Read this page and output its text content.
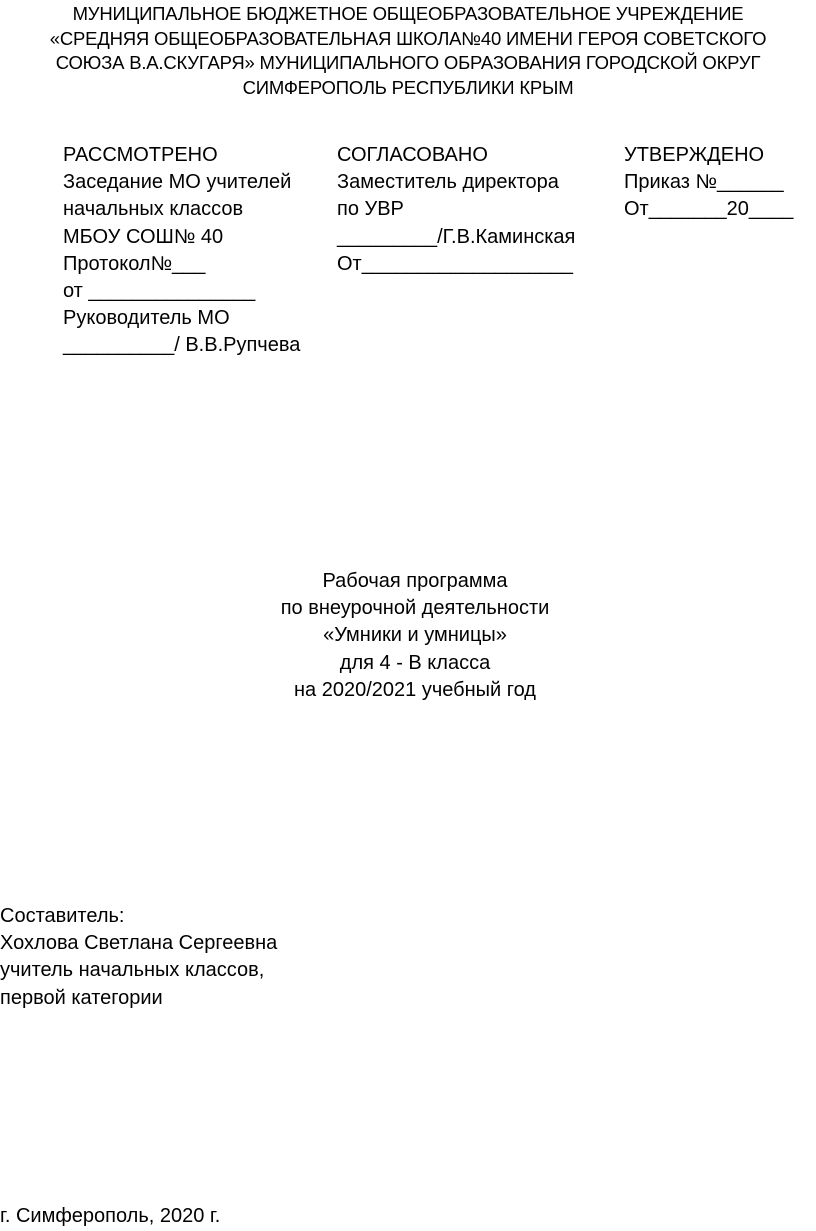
МУНИЦИПАЛЬНОЕ БЮДЖЕТНОЕ ОБЩЕОБРАЗОВАТЕЛЬНОЕ УЧРЕЖДЕНИЕ
«СРЕДНЯЯ ОБЩЕОБРАЗОВАТЕЛЬНАЯ ШКОЛА№40 ИМЕНИ ГЕРОЯ СОВЕТСКОГО
СОЮЗА В.А.СКУГАРЯ» МУНИЦИПАЛЬНОГО ОБРАЗОВАНИЯ ГОРОДСКОЙ ОКРУГ
СИМФЕРОПОЛЬ РЕСПУБЛИКИ КРЫМ
РАССМОТРЕНО
Заседание МО учителей
начальных классов
МБОУ СОШ№ 40
Протокол№___
от _______________
Руководитель МО
__________/ В.В.Рупчева
СОГЛАСОВАНО
Заместитель директора
по УВР
_________/Г.В.Каминская
От___________________
УТВЕРЖДЕНО
Приказ №______
От_______20____
Рабочая программа
по внеурочной деятельности
«Умники и умницы»
для 4 - В класса
на 2020/2021 учебный год
Составитель:
Хохлова Светлана Сергеевна
учитель начальных классов,
первой категории
г. Симферополь, 2020 г.
